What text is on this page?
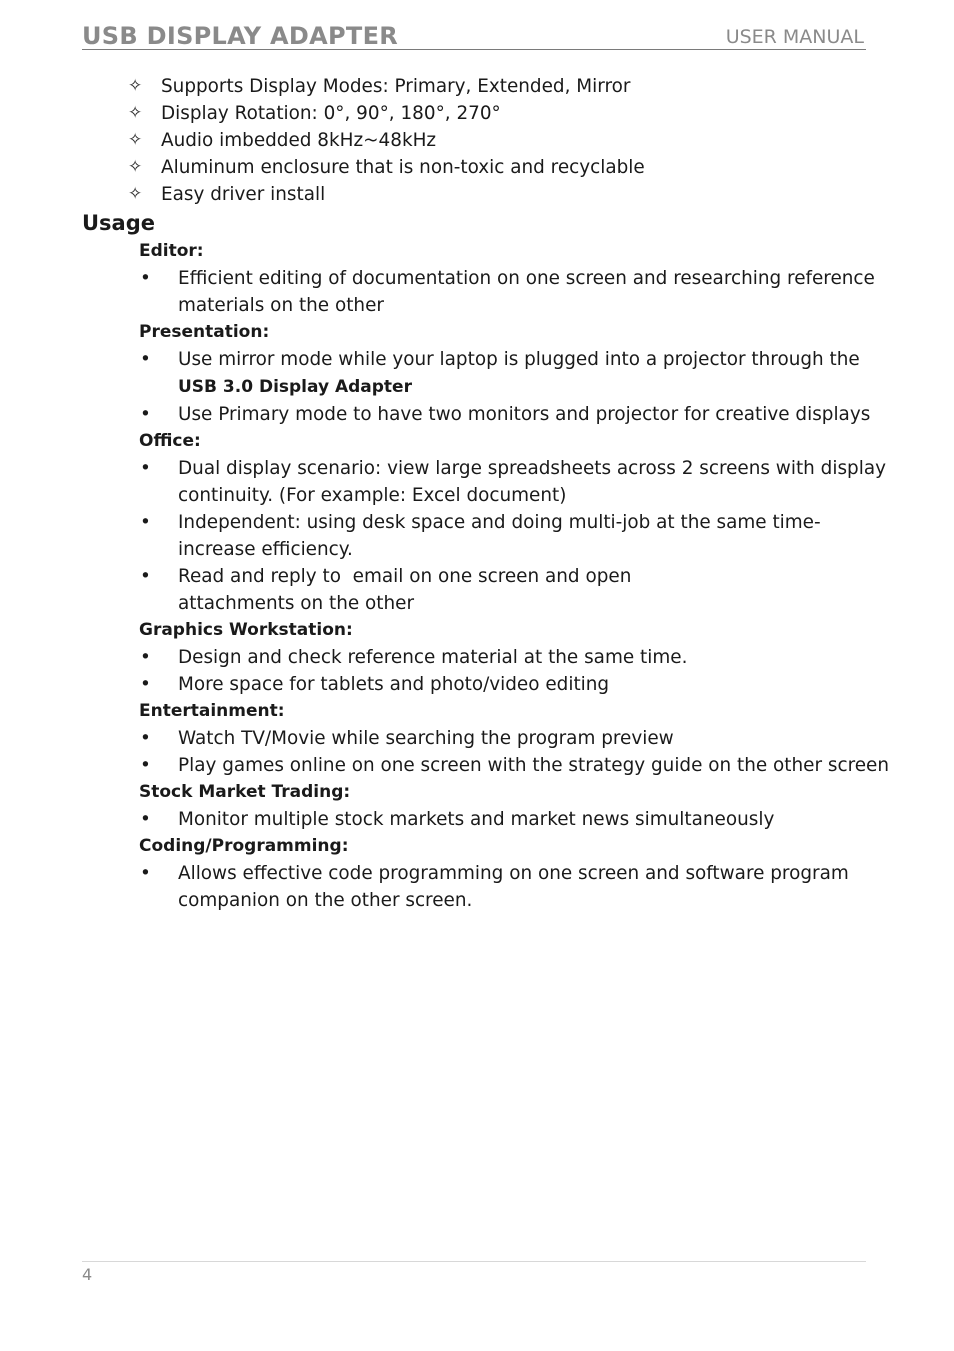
USB DISPLAY ADAPTER	USER MANUAL
✧ Supports Display Modes: Primary, Extended, Mirror
✧ Display Rotation: 0°, 90°, 180°, 270°
✧ Audio imbedded 8kHz~48kHz
✧ Aluminum enclosure that is non-toxic and recyclable
✧ Easy driver install
Usage
Editor:
• Efficient editing of documentation on one screen and researching reference materials on the other
Presentation:
• Use mirror mode while your laptop is plugged into a projector through the
USB 3.0 Display Adapter
• Use Primary mode to have two monitors and projector for creative displays
Office:
• Dual display scenario: view large spreadsheets across 2 screens with display continuity. (For example: Excel document)
• Independent: using desk space and doing multi-job at the same time- increase efficiency.
• Read and reply to  email on one screen and open attachments on the other
Graphics Workstation:
• Design and check reference material at the same time.
• More space for tablets and photo/video editing
Entertainment:
• Watch TV/Movie while searching the program preview
• Play games online on one screen with the strategy guide on the other screen
Stock Market Trading:
• Monitor multiple stock markets and market news simultaneously
Coding/Programming:
• Allows effective code programming on one screen and software program companion on the other screen.
4
